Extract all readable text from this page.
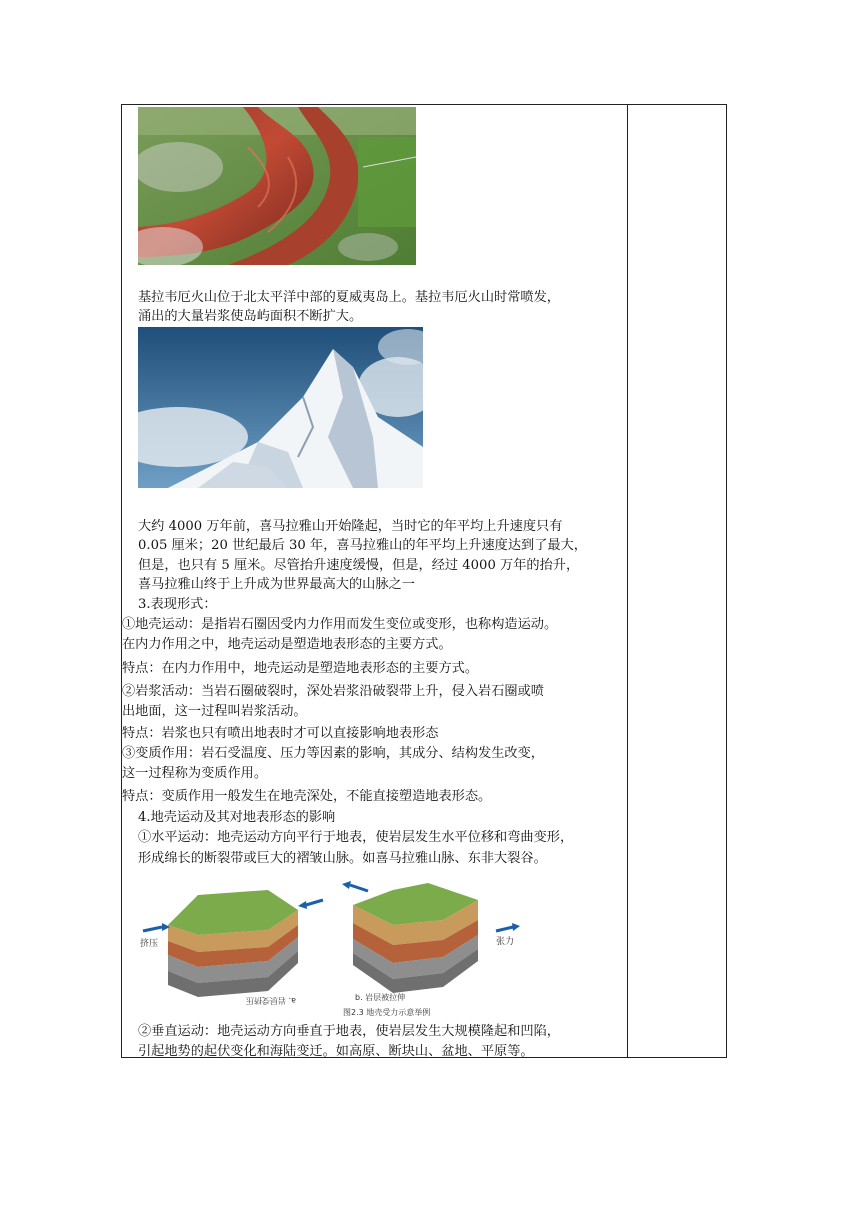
基拉韦厄火山位于北太平洋中部的夏威夷岛上。基拉韦厄火山时常喷发，
涌出的大量岩浆使岛屿面积不断扩大。
大约 4000 万年前，喜马拉雅山开始隆起，当时它的年平均上升速度只有
0.05 厘米；20 世纪最后 30 年，喜马拉雅山的年平均上升速度达到了最大，
但是，也只有 5 厘米。尽管抬升速度缓慢，但是，经过 4000 万年的抬升，
喜马拉雅山终于上升成为世界最高大的山脉之一
3.表现形式：
①地壳运动：是指岩石圈因受内力作用而发生变位或变形，也称构造运动。
在内力作用之中，地壳运动是塑造地表形态的主要方式。
特点：在内力作用中，地壳运动是塑造地表形态的主要方式。
②岩浆活动：当岩石圈破裂时，深处岩浆沿破裂带上升，侵入岩石圈或喷
出地面，这一过程叫岩浆活动。
特点：岩浆也只有喷出地表时才可以直接影响地表形态
③变质作用：岩石受温度、压力等因素的影响，其成分、结构发生改变，
这一过程称为变质作用。
特点：变质作用一般发生在地壳深处，不能直接塑造地表形态。
4.地壳运动及其对地表形态的影响
①水平运动：地壳运动方向平行于地表，使岩层发生水平位移和弯曲变形，
形成绵长的断裂带或巨大的褶皱山脉。如喜马拉雅山脉、东非大裂谷。
挤压	张力
a. 岩层受挤压	b. 岩层被拉伸
图2.3 地壳受力示意举例
②垂直运动：地壳运动方向垂直于地表，使岩层发生大规模隆起和凹陷，
引起地势的起伏变化和海陆变迁。如高原、断块山、盆地、平原等。
